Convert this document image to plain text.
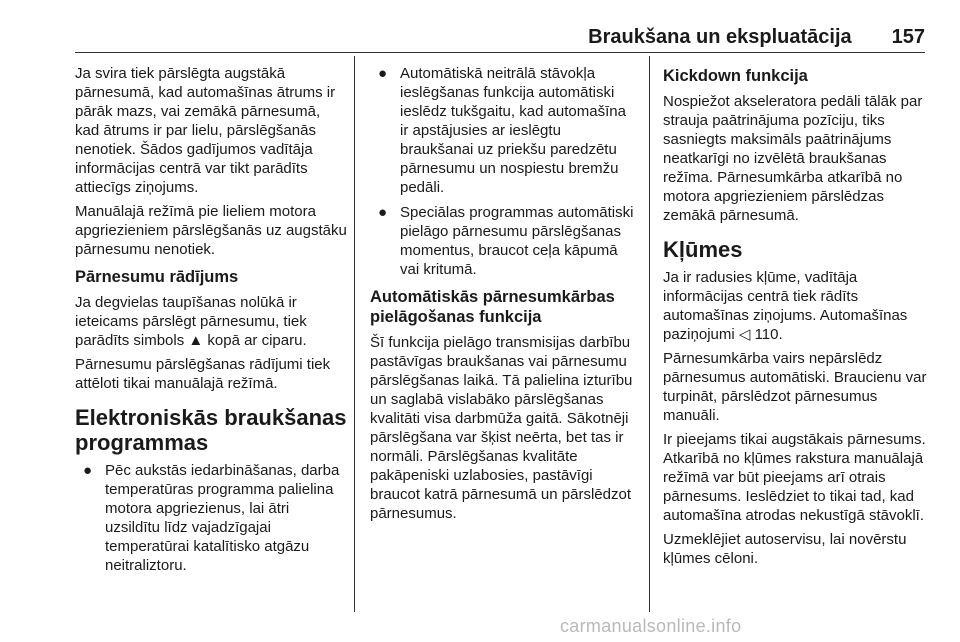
Braukšana un ekspluatācija 157

Ja svira tiek pārslēgta augstākā pārnesumā, kad automašīnas ātrums ir pārāk mazs, vai zemākā pārnesumā, kad ātrums ir par lielu, pārslēgšanās nenotiek. Šādos gadījumos vadītāja informācijas centrā var tikt parādīts attiecīgs ziņojums.

Manuālajā režīmā pie lieliem motora apgriezieniem pārslēgšanās uz augstāku pārnesumu nenotiek.

Pārnesumu rādījums

Ja degvielas taupīšanas nolūkā ir ieteicams pārslēgt pārnesumu, tiek parādīts simbols ▲ kopā ar ciparu.

Pārnesumu pārslēgšanas rādījumi tiek attēloti tikai manuālajā režīmā.

Elektroniskās braukšanas programmas
● Pēc aukstās iedarbināšanas, darba temperatūras programma palielina motora apgriezienus, lai ātri uzsildītu līdz vajadzīgajai temperatūrai katalītisko atgāzu neitraliztoru.
● Automātiskā neitrālā stāvokļa ieslēgšanas funkcija automātiski ieslēdz tukšgaitu, kad automašīna ir apstājusies ar ieslēgtu braukšanai uz priekšu paredzētu pārnesumu un nospiestu bremžu pedāli.
● Speciālas programmas automātiski pielāgo pārnesumu pārslēgšanas momentus, braucot ceļa kāpumā vai kritumā.
Automātiskās pārnesumkārbas pielāgošanas funkcija

Šī funkcija pielāgo transmisijas darbību pastāvīgas braukšanas vai pārnesumu pārslēgšanas laikā. Tā palielina izturību un saglabā vislabāko pārslēgšanas kvalitāti visa darbmūža gaitā. Sākotnēji pārslēgšana var šķist neērta, bet tas ir normāli. Pārslēgšanas kvalitāte pakāpeniski uzlabosies, pastāvīgi braucot katrā pārnesumā un pārslēdzot pārnesumus.

Kickdown funkcija

Nospiežot akseleratora pedāli tālāk par strauja paātrinājuma pozīciju, tiks sasniegts maksimāls paātrinājums neatkarīgi no izvēlētā braukšanas režīma. Pārnesumkārba atkarībā no motora apgriezieniem pārslēdzas zemākā pārnesumā.

Kļūmes

Ja ir radusies kļūme, vadītāja informācijas centrā tiek rādīts automašīnas ziņojums. Automašīnas paziņojumi ◁ 110.

Pārnesumkārba vairs nepārslēdz pārnesumus automātiski. Braucienu var turpināt, pārslēdzot pārnesumus manuāli.

Ir pieejams tikai augstākais pārnesums. Atkarībā no kļūmes rakstura manuālajā režīmā var būt pieejams arī otrais pārnesums. Ieslēdziet to tikai tad, kad automašīna atrodas nekustīgā stāvoklī.

Uzmeklējiet autoservisu, lai novērstu kļūmes cēloni.

carmanualsonline.info
